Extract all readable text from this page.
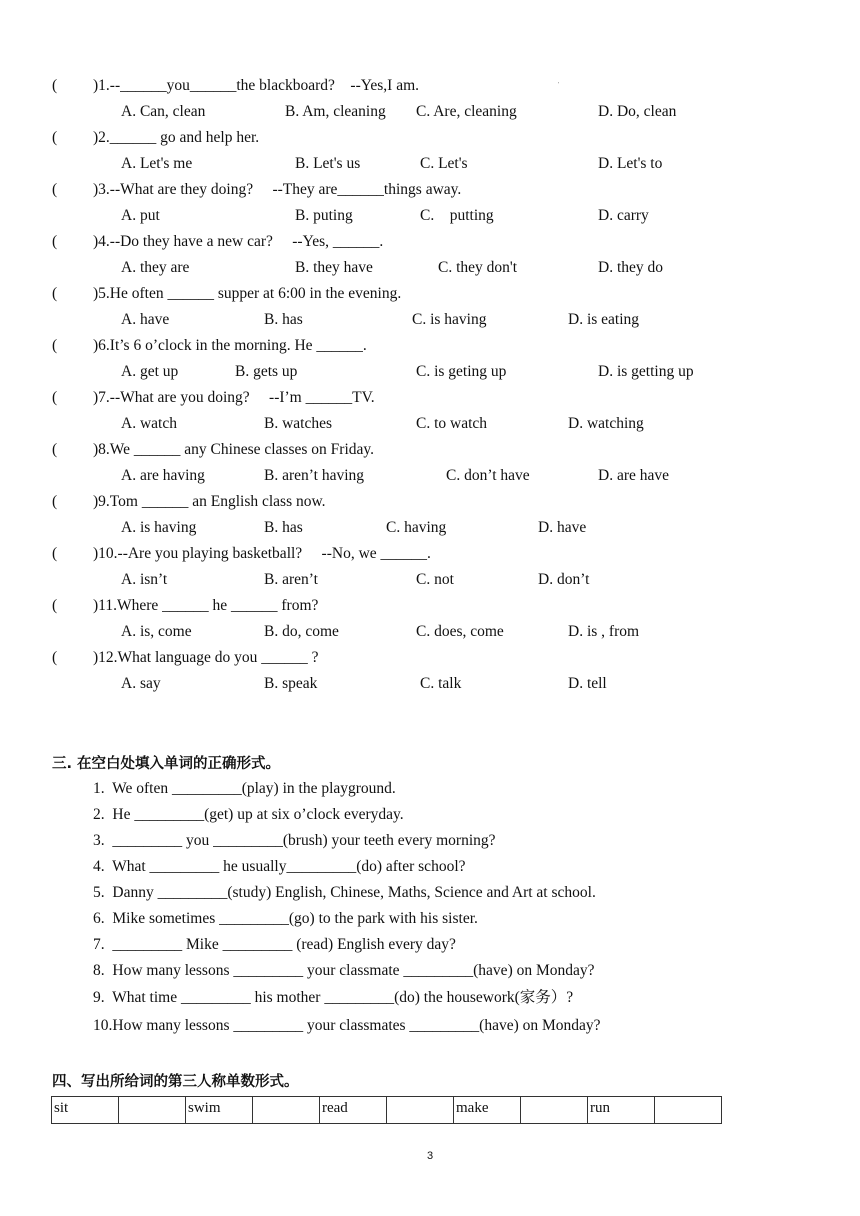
'
( )1.--______you______the blackboard?    --Yes,I am.
A. Can, clean	B. Am, cleaning C. Are, cleaning	D. Do, clean
( )2.______ go and help her.
A. Let's me	B. Let's us	C. Let's	D. Let's to
( )3.--What are they doing?     --They are______things away.
A. put	B. puting	C.    putting	D. carry
( )4.--Do they have a new car?     --Yes, ______.
A. they are	B. they have	C. they don't	D. they do
( )5.He often ______ supper at 6:00 in the evening.
A. have	B. has	C. is having	D. is eating
( )6.It’s 6 o’clock in the morning. He ______.
A. get up	B. gets up	C. is geting up	D. is getting up
( )7.--What are you doing?     --I’m ______TV.
A. watch	B. watches	C. to watch	D. watching
( )8.We ______ any Chinese classes on Friday.
A. are having	B. aren’t having	C. don’t have	D. are have
( )9.Tom ______ an English class now.
A. is having	B. has	C. having	D. have
( )10.--Are you playing basketball?     --No, we ______.
A. isn’t	B. aren’t	C. not	D. don’t
( )11.Where ______ he ______ from?
A. is, come	B. do, come	C. does, come	D. is , from
( )12.What language do you ______ ?
A. say	B. speak	C. talk	D. tell
三. 在空白处填入单词的正确形式。
1.  We often _________(play) in the playground.
2.  He _________(get) up at six o’clock everyday.
3.  _________ you _________(brush) your teeth every morning?
4.  What _________ he usually_________(do) after school?
5.  Danny _________(study) English, Chinese, Maths, Science and Art at school.
6.  Mike sometimes _________(go) to the park with his sister.
7.  _________ Mike _________ (read) English every day?
8.  How many lessons _________ your classmate _________(have) on Monday?
9.  What time _________ his mother _________(do) the housework(家务）?
10.How many lessons _________ your classmates _________(have) on Monday?
四、写出所给词的第三人称单数形式。
sit		swim		read		make		run	
3
